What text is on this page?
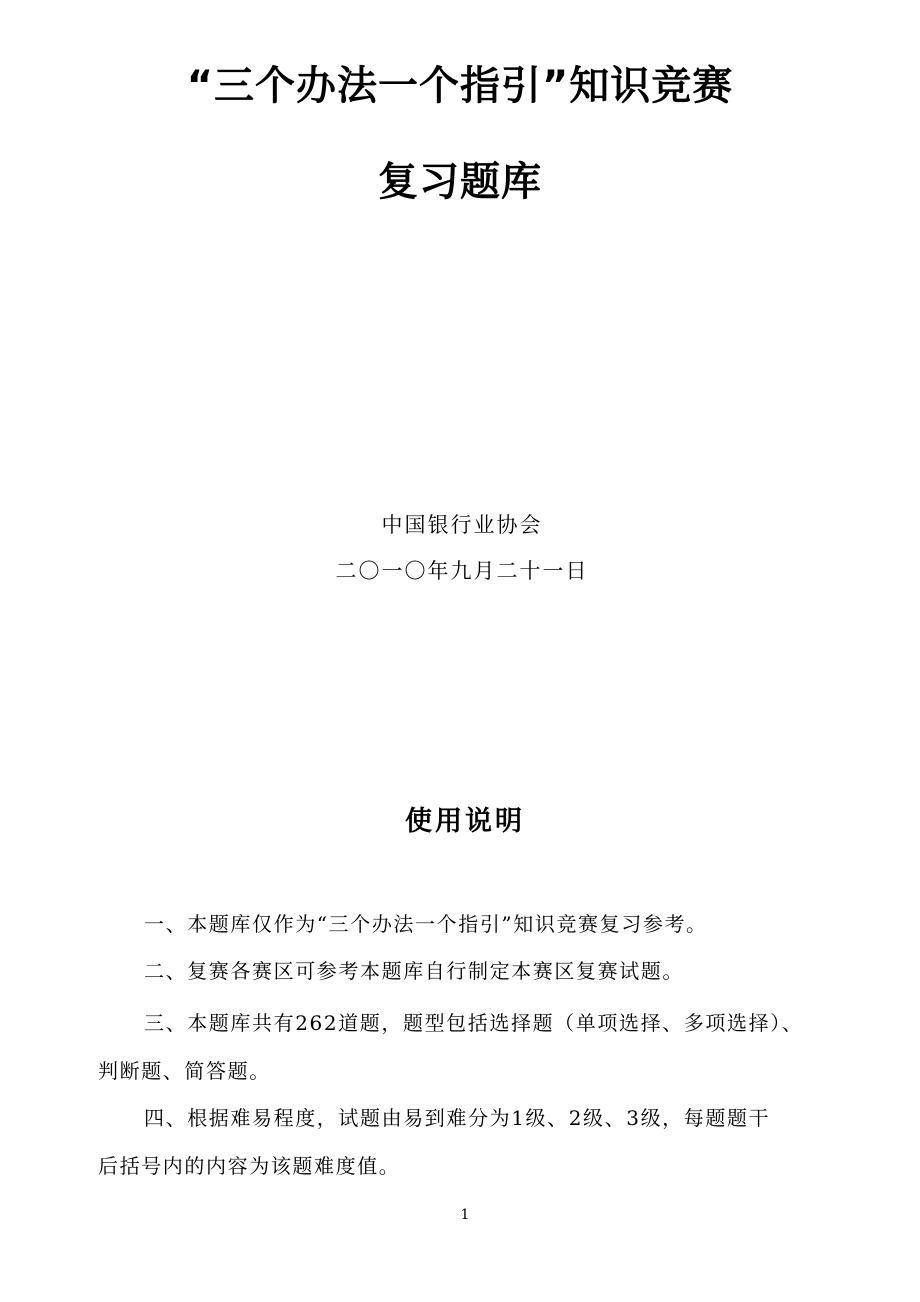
“三个办法一个指引”知识竞赛
复习题库
中国银行业协会
二〇一〇年九月二十一日
使用说明
一、本题库仅作为“三个办法一个指引”知识竞赛复习参考。
二、复赛各赛区可参考本题库自行制定本赛区复赛试题。
三、本题库共有262道题，题型包括选择题（单项选择、多项选择）、
判断题、简答题。
四、根据难易程度，试题由易到难分为1级、2级、3级，每题题干
后括号内的内容为该题难度值。
1
